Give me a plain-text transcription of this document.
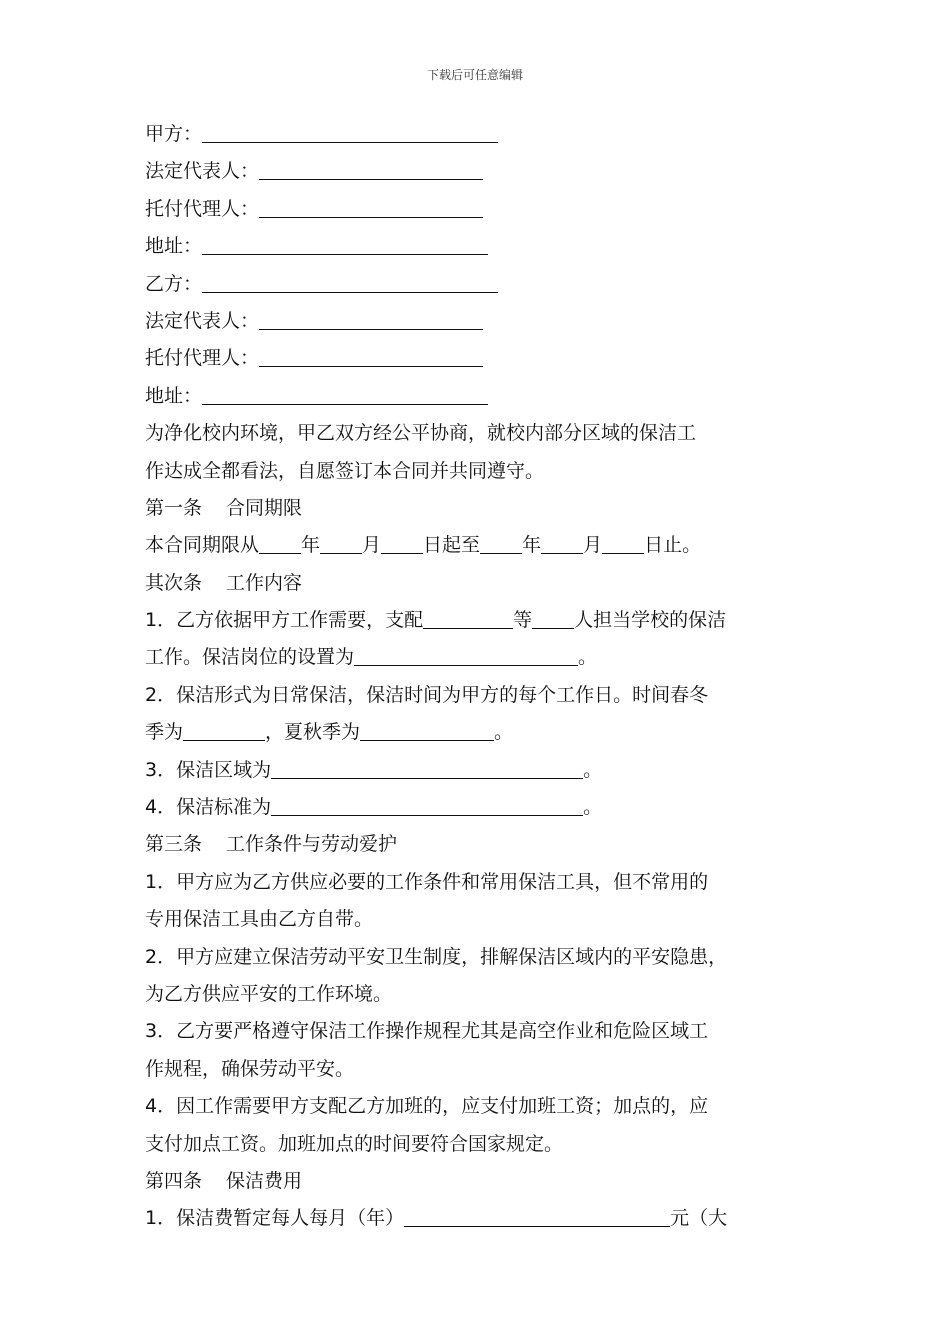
下载后可任意编辑
甲方：
法定代表人：
托付代理人：
地址：
乙方：
法定代表人：
托付代理人：
地址：
为净化校内环境，甲乙双方经公平协商，就校内部分区域的保洁工
作达成全都看法，自愿签订本合同并共同遵守。
第一条 合同期限
本合同期限从 年 月 日起至 年 月 日止。
其次条 工作内容
1．乙方依据甲方工作需要，支配	等 人担当学校的保洁
工作。保洁岗位的设置为	。
2．保洁形式为日常保洁，保洁时间为甲方的每个工作日。时间春冬
季为	，夏秋季为	。
3．保洁区域为	。
4．保洁标准为	。
第三条 工作条件与劳动爱护
1．甲方应为乙方供应必要的工作条件和常用保洁工具，但不常用的
专用保洁工具由乙方自带。
2．甲方应建立保洁劳动平安卫生制度，排解保洁区域内的平安隐患，
为乙方供应平安的工作环境。
3．乙方要严格遵守保洁工作操作规程尤其是高空作业和危险区域工
作规程，确保劳动平安。
4．因工作需要甲方支配乙方加班的，应支付加班工资；加点的，应
支付加点工资。加班加点的时间要符合国家规定。
第四条 保洁费用
1．保洁费暂定每人每月（年）	元（大
